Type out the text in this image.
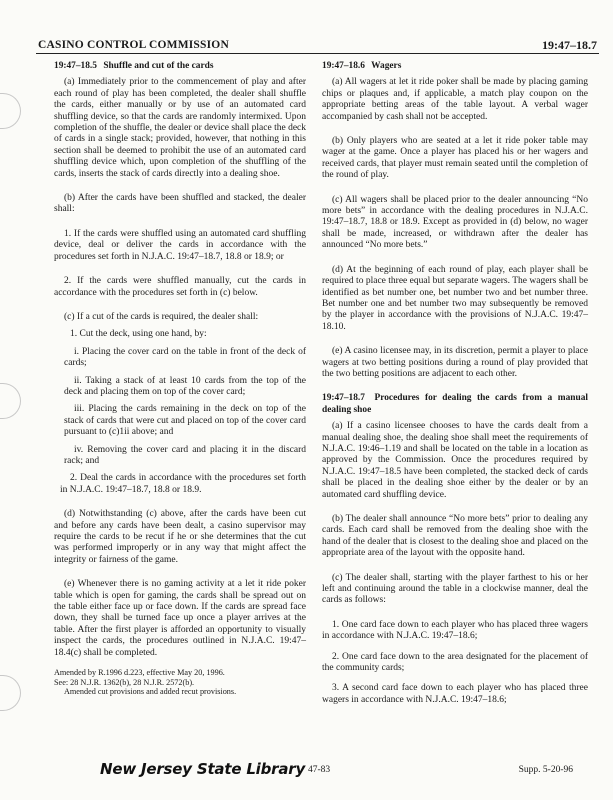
CASINO CONTROL COMMISSION	19:47–18.7
19:47–18.5 Shuffle and cut of the cards

(a) Immediately prior to the commencement of play and after each round of play has been completed, the dealer shall shuffle the cards, either manually or by use of an automated card shuffling device, so that the cards are randomly intermixed. Upon completion of the shuffle, the dealer or device shall place the deck of cards in a single stack; provided, however, that nothing in this section shall be deemed to prohibit the use of an automated card shuffling device which, upon completion of the shuffling of the cards, inserts the stack of cards directly into a dealing shoe.

(b) After the cards have been shuffled and stacked, the dealer shall:

1. If the cards were shuffled using an automated card shuffling device, deal or deliver the cards in accordance with the procedures set forth in N.J.A.C. 19:47–18.7, 18.8 or 18.9; or

2. If the cards were shuffled manually, cut the cards in accordance with the procedures set forth in (c) below.

(c) If a cut of the cards is required, the dealer shall:

1. Cut the deck, using one hand, by:

i. Placing the cover card on the table in front of the deck of cards;

ii. Taking a stack of at least 10 cards from the top of the deck and placing them on top of the cover card;

iii. Placing the cards remaining in the deck on top of the stack of cards that were cut and placed on top of the cover card pursuant to (c)1ii above; and

iv. Removing the cover card and placing it in the discard rack; and

2. Deal the cards in accordance with the procedures set forth in N.J.A.C. 19:47–18.7, 18.8 or 18.9.

(d) Notwithstanding (c) above, after the cards have been cut and before any cards have been dealt, a casino supervisor may require the cards to be recut if he or she determines that the cut was performed improperly or in any way that might affect the integrity or fairness of the game.

(e) Whenever there is no gaming activity at a let it ride poker table which is open for gaming, the cards shall be spread out on the table either face up or face down. If the cards are spread face down, they shall be turned face up once a player arrives at the table. After the first player is afforded an opportunity to visually inspect the cards, the procedures outlined in N.J.A.C. 19:47–18.4(c) shall be completed.

Amended by R.1996 d.223, effective May 20, 1996.
See: 28 N.J.R. 1362(b), 28 N.J.R. 2572(b).
Amended cut provisions and added recut provisions.
19:47–18.6 Wagers

(a) All wagers at let it ride poker shall be made by placing gaming chips or plaques and, if applicable, a match play coupon on the appropriate betting areas of the table layout. A verbal wager accompanied by cash shall not be accepted.

(b) Only players who are seated at a let it ride poker table may wager at the game. Once a player has placed his or her wagers and received cards, that player must remain seated until the completion of the round of play.

(c) All wagers shall be placed prior to the dealer announcing “No more bets” in accordance with the dealing procedures in N.J.A.C. 19:47–18.7, 18.8 or 18.9. Except as provided in (d) below, no wager shall be made, increased, or withdrawn after the dealer has announced “No more bets.”

(d) At the beginning of each round of play, each player shall be required to place three equal but separate wagers. The wagers shall be identified as bet number one, bet number two and bet number three. Bet number one and bet number two may subsequently be removed by the player in accordance with the provisions of N.J.A.C. 19:47–18.10.

(e) A casino licensee may, in its discretion, permit a player to place wagers at two betting positions during a round of play provided that the two betting positions are adjacent to each other.

19:47–18.7 Procedures for dealing the cards from a manual dealing shoe

(a) If a casino licensee chooses to have the cards dealt from a manual dealing shoe, the dealing shoe shall meet the requirements of N.J.A.C. 19:46–1.19 and shall be located on the table in a location as approved by the Commission. Once the procedures required by N.J.A.C. 19:47–18.5 have been completed, the stacked deck of cards shall be placed in the dealing shoe either by the dealer or by an automated card shuffling device.

(b) The dealer shall announce “No more bets” prior to dealing any cards. Each card shall be removed from the dealing shoe with the hand of the dealer that is closest to the dealing shoe and placed on the appropriate area of the layout with the opposite hand.

(c) The dealer shall, starting with the player farthest to his or her left and continuing around the table in a clockwise manner, deal the cards as follows:

1. One card face down to each player who has placed three wagers in accordance with N.J.A.C. 19:47–18.6;

2. One card face down to the area designated for the placement of the community cards;

3. A second card face down to each player who has placed three wagers in accordance with N.J.A.C. 19:47–18.6;

New Jersey State Library 47-83	Supp. 5-20-96
